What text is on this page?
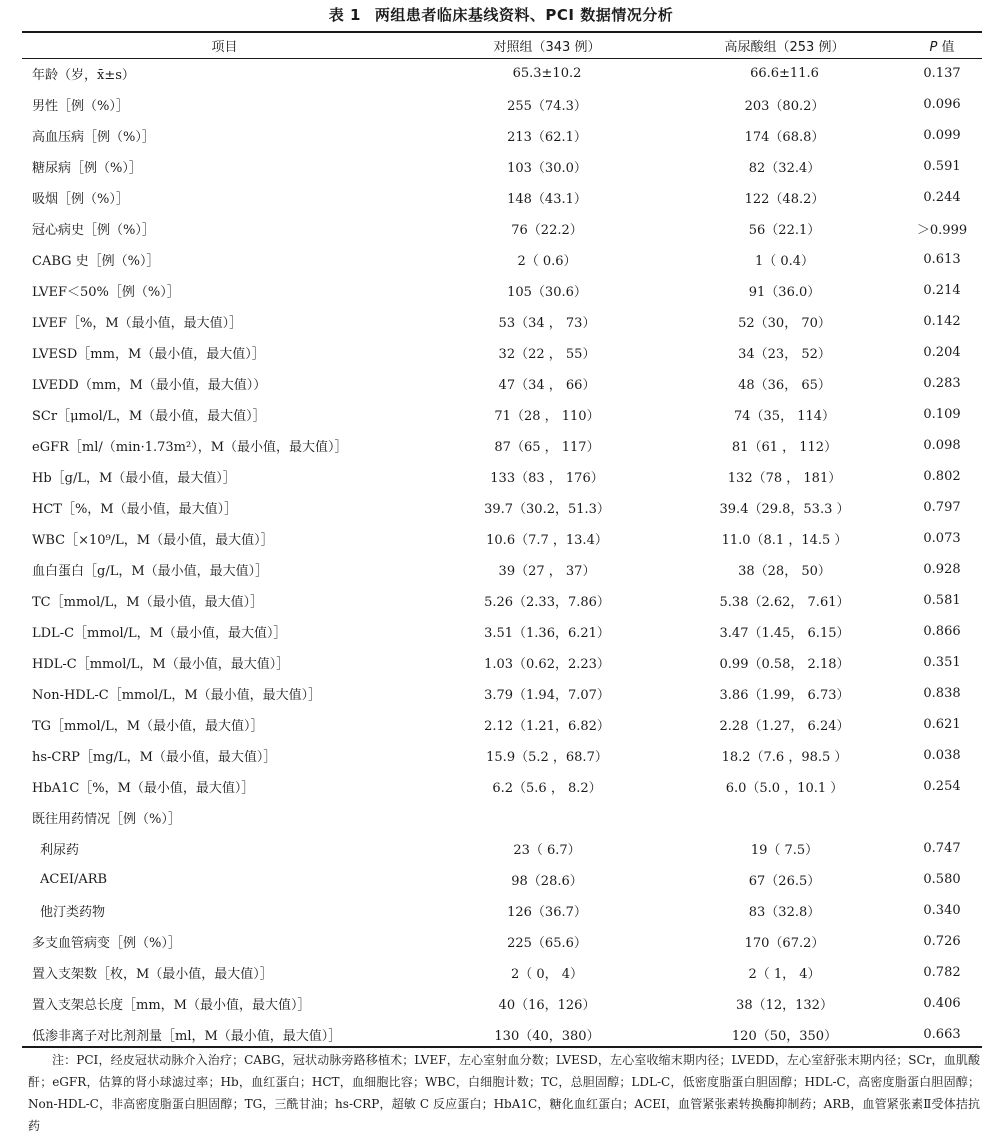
表 1 两组患者临床基线资料、PCI 数据情况分析
项目	对照组（343 例）	高尿酸组（253 例）	P 值
年龄（岁，x̄±s）	65.3±10.2	66.6±11.6	0.137
男性［例（%）］	255（74.3）	203（80.2）	0.096
高血压病［例（%）］	213（62.1）	174（68.8）	0.099
糖尿病［例（%）］	103（30.0）	82（32.4）	0.591
吸烟［例（%）］	148（43.1）	122（48.2）	0.244
冠心病史［例（%）］	76（22.2）	56（22.1）	＞0.999
CABG 史［例（%）］	2（ 0.6）	1（ 0.4）	0.613
LVEF＜50%［例（%）］	105（30.6）	91（36.0）	0.214
LVEF［%，M（最小值，最大值）］	53（34 ， 73）	52（30， 70）	0.142
LVESD［mm，M（最小值，最大值）］	32（22 ， 55）	34（23， 52）	0.204
LVEDD（mm，M（最小值，最大值））	47（34 ， 66）	48（36， 65）	0.283
SCr［μmol/L，M（最小值，最大值）］	71（28 ， 110）	74（35， 114）	0.109
eGFR［ml/（min·1.73m²），M（最小值，最大值）］	87（65 ， 117）	81（61 ， 112）	0.098
Hb［g/L，M（最小值，最大值）］	133（83 ， 176）	132（78 ， 181）	0.802
HCT［%，M（最小值，最大值）］	39.7（30.2，51.3）	39.4（29.8，53.3 ）	0.797
WBC［×10⁹/L，M（最小值，最大值）］	10.6（7.7 ，13.4）	11.0（8.1 ，14.5 ）	0.073
血白蛋白［g/L，M（最小值，最大值）］	39（27 ， 37）	38（28， 50）	0.928
TC［mmol/L，M（最小值，最大值）］	5.26（2.33，7.86）	5.38（2.62， 7.61）	0.581
LDL-C［mmol/L，M（最小值，最大值）］	3.51（1.36，6.21）	3.47（1.45， 6.15）	0.866
HDL-C［mmol/L，M（最小值，最大值）］	1.03（0.62，2.23）	0.99（0.58， 2.18）	0.351
Non-HDL-C［mmol/L，M（最小值，最大值）］	3.79（1.94，7.07）	3.86（1.99， 6.73）	0.838
TG［mmol/L，M（最小值，最大值）］	2.12（1.21，6.82）	2.28（1.27， 6.24）	0.621
hs-CRP［mg/L，M（最小值，最大值）］	15.9（5.2 ，68.7）	18.2（7.6 ，98.5 ）	0.038
HbA1C［%，M（最小值，最大值）］	6.2（5.6 ， 8.2）	6.0（5.0 ，10.1 ）	0.254
既往用药情况［例（%）］			
利尿药	23（ 6.7）	19（ 7.5）	0.747
ACEI/ARB	98（28.6）	67（26.5）	0.580
他汀类药物	126（36.7）	83（32.8）	0.340
多支血管病变［例（%）］	225（65.6）	170（67.2）	0.726
置入支架数［枚，M（最小值，最大值）］	2（ 0， 4）	2（ 1， 4）	0.782
置入支架总长度［mm，M（最小值，最大值）］	40（16，126）	38（12，132）	0.406
低渗非离子对比剂剂量［ml，M（最小值，最大值）］	130（40，380）	120（50，350）	0.663
注：PCI，经皮冠状动脉介入治疗；CABG，冠状动脉旁路移植术；LVEF，左心室射血分数；LVESD，左心室收缩末期内径；LVEDD，左心室舒张末期内径；SCr，血肌酸酐；eGFR，估算的肾小球滤过率；Hb，血红蛋白；HCT，血细胞比容；WBC，白细胞计数；TC，总胆固醇；LDL-C，低密度脂蛋白胆固醇；HDL-C，高密度脂蛋白胆固醇；Non-HDL-C，非高密度脂蛋白胆固醇；TG，三酰甘油；hs-CRP，超敏 C 反应蛋白；HbA1C，糖化血红蛋白；ACEI，血管紧张素转换酶抑制药；ARB，血管紧张素Ⅱ受体拮抗药
